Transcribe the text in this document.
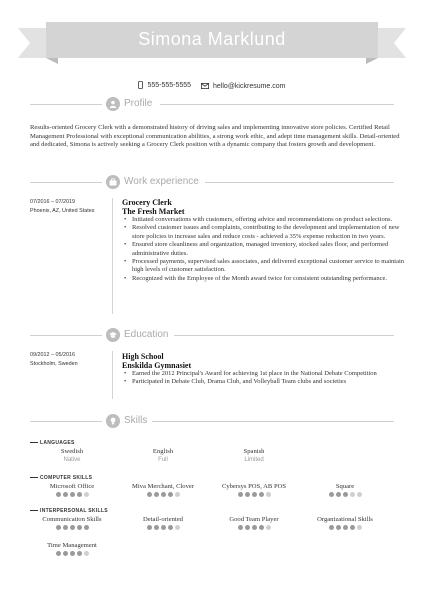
Simona Marklund
555-555-5555
	hello@kickresume.com
Profile
Results-oriented Grocery Clerk with a demonstrated history of driving sales and implementing innovative store policies. Certified Retail Management Professional with exceptional communication abilities, a strong work ethic, and adept time management skills. Detail-oriented and dedicated, Simona is actively seeking a Grocery Clerk position with a dynamic company that fosters growth and development.
Work experience
07/2016 – 07/2019
Phoenix, AZ, United States
Grocery Clerk
The Fresh Market
• Initiated conversations with customers, offering advice and recommendations on product selections.
• Resolved customer issues and complaints, contributing to the development and implementation of new store policies to increase sales and reduce costs - achieved a 35% expense reduction in two years.
• Ensured store cleanliness and organization, managed inventory, stocked sales floor, and performed administrative duties.
• Processed payments, supervised sales associates, and delivered exceptional customer service to maintain high levels of customer satisfaction.
• Recognized with the Employee of the Month award twice for consistent outstanding performance.
Education
09/2012 – 05/2016
Stockholm, Sweden
High School
Enskilda Gymnasiet
• Earned the 2012 Principal's Award for achieving 1st place in the National Debate Competition
• Participated in Debate Club, Drama Club, and Volleyball Team clubs and societies
Skills
LANGUAGES
Swedish
Native
English
Full
Spanish
Limited
COMPUTER SKILLS
Microsoft Office	Miva Merchant, Clover	Cybersys POS, AB POS	Square
INTERPERSONAL SKILLS
Communication Skills	Detail-oriented	Good Team Player	Organizational Skills
Time Management
